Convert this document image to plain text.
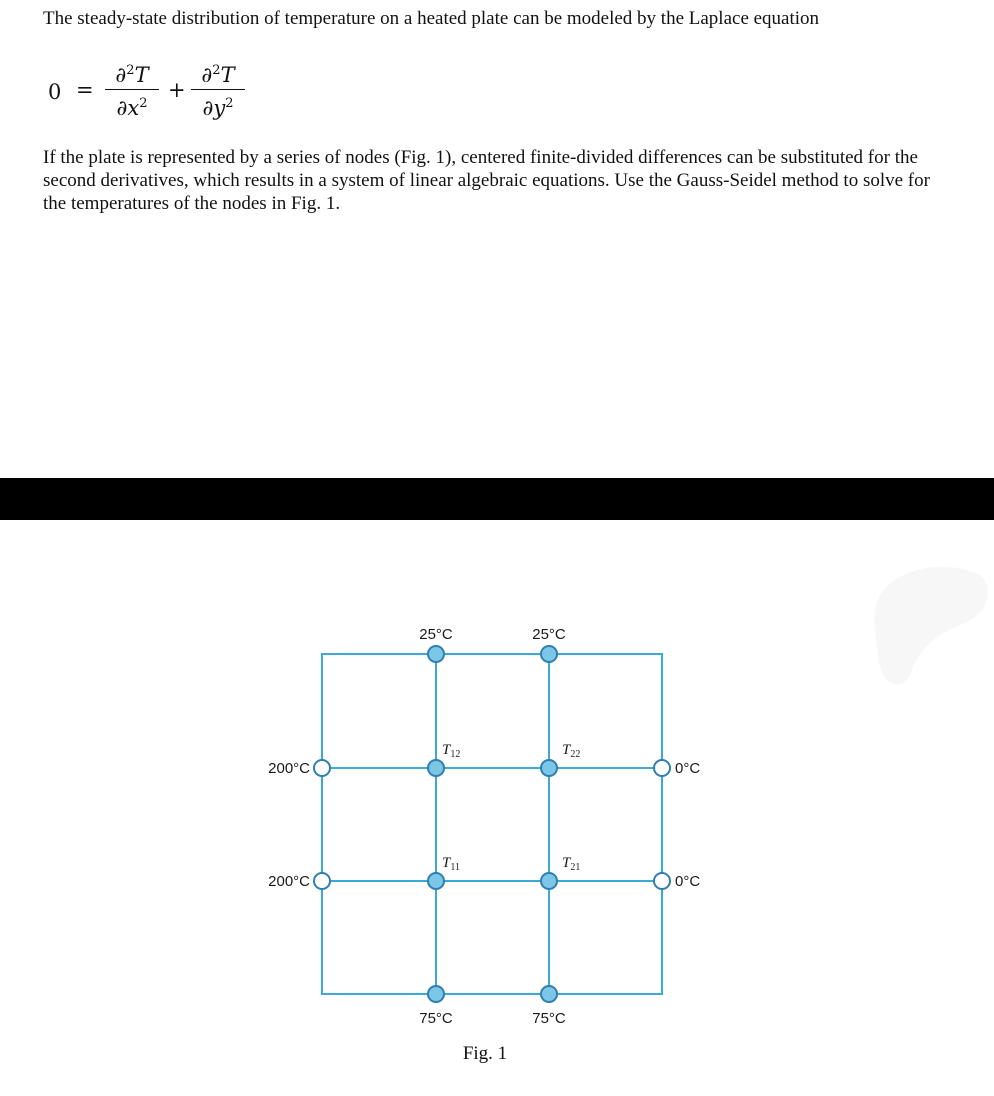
The steady-state distribution of temperature on a heated plate can be modeled by the Laplace equation

0 =
∂$^2$T
$\partial x^2$
+
∂$^2$T
$\partial y^2$

If the plate is represented by a series of nodes (Fig. 1), centered finite-divided differences can be substituted for the second derivatives, which results in a system of linear algebraic equations. Use the Gauss-Seidel method to solve for the temperatures of the nodes in Fig. 1.

25°C	25°C
200°C
200°C
0°C
0°C
75°C	75°C
$T_{12}$	$T_{22}$
$T_{11}$	$T_{21}$
Fig. 1
